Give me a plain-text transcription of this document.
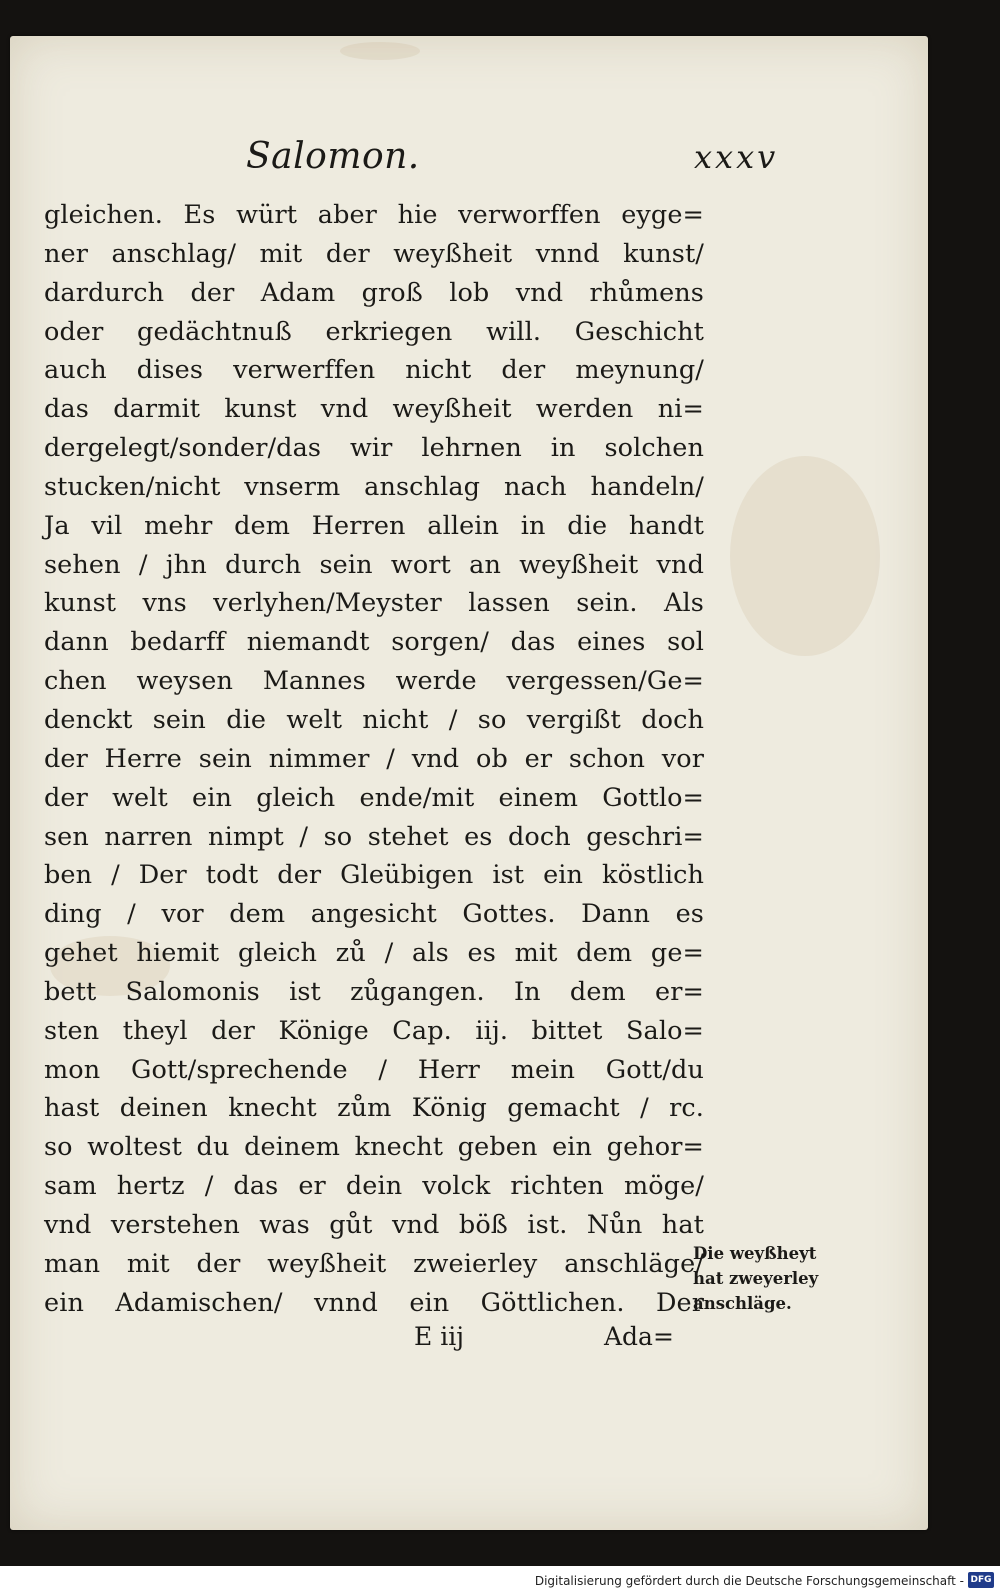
Salomon.	xxxv
gleichen. Es würt aber hie verworffen eyge=
ner anschlag/ mit der weyßheit vnnd kunst/
dardurch der Adam groß lob vnd rhůmens
oder gedächtnuß erkriegen will. Geschicht
auch dises verwerffen nicht der meynung/
das darmit kunst vnd weyßheit werden ni=
dergelegt/sonder/das wir lehrnen in solchen
stucken/nicht vnserm anschlag nach handeln/
Ja vil mehr dem Herren allein in die handt
sehen / jhn durch sein wort an weyßheit vnd
kunst vns verlyhen/Meyster lassen sein. Als
dann bedarff niemandt sorgen/ das eines sol
chen weysen Mannes werde vergessen/Ge=
denckt sein die welt nicht / so vergißt doch
der Herre sein nimmer / vnd ob er schon vor
der welt ein gleich ende/mit einem Gottlo=
sen narren nimpt / so stehet es doch geschri=
ben / Der todt der Gleübigen ist ein köstlich
ding / vor dem angesicht Gottes. Dann es
gehet hiemit gleich zů / als es mit dem ge=
bett Salomonis ist zůgangen. In dem er=
sten theyl der Könige Cap. iij. bittet Salo=
mon Gott/sprechende / Herr mein Gott/du
hast deinen knecht zům König gemacht / rc.
so woltest du deinem knecht geben ein gehor=
sam hertz / das er dein volck richten möge/
vnd verstehen was gůt vnd böß ist. Nůn hat
man mit der weyßheit zweierley anschläge/
ein Adamischen/ vnnd ein Göttlichen. Der
E iij	Ada=
Die weyßheyt
hat zweyerley
anschläge.
Digitalisierung gefördert durch die Deutsche Forschungsgemeinschaft - DFG
